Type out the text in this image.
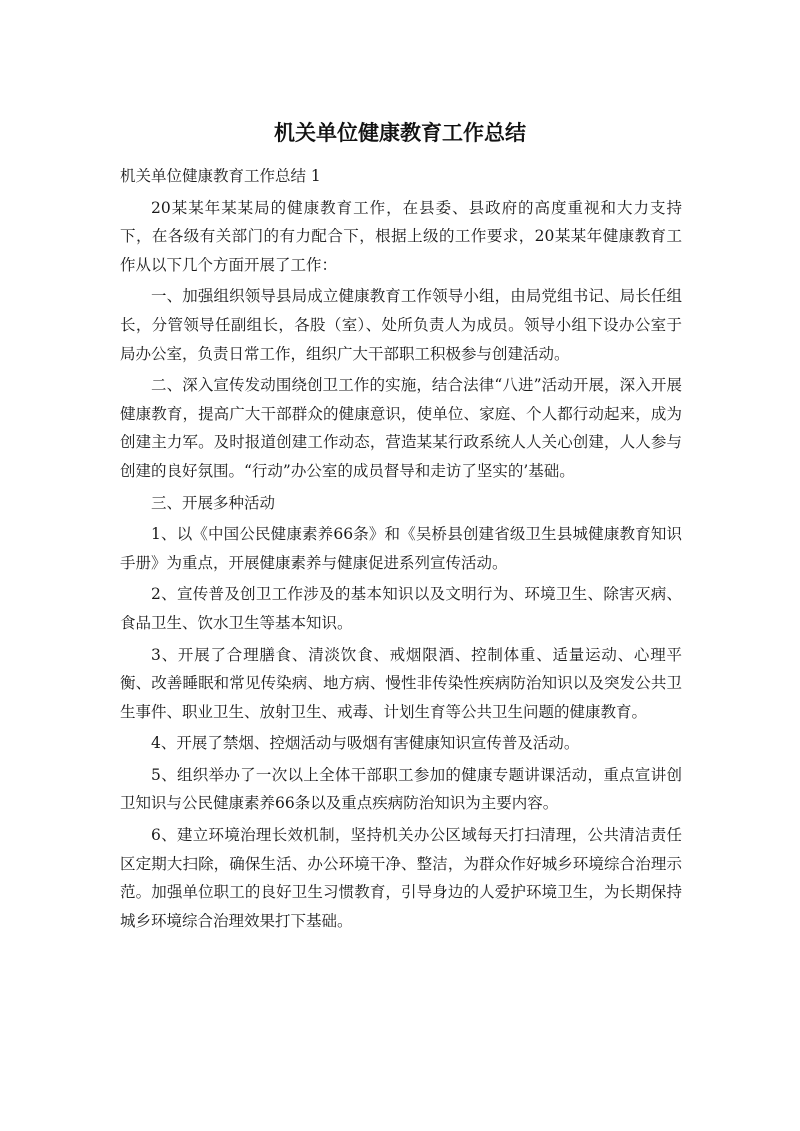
机关单位健康教育工作总结

机关单位健康教育工作总结 1

20某某年某某局的健康教育工作，在县委、县政府的高度重视和大力支持下，在各级有关部门的有力配合下，根据上级的工作要求，20某某年健康教育工作从以下几个方面开展了工作：

一、加强组织领导县局成立健康教育工作领导小组，由局党组书记、局长任组长，分管领导任副组长，各股（室）、处所负责人为成员。领导小组下设办公室于局办公室，负责日常工作，组织广大干部职工积极参与创建活动。

二、深入宣传发动围绕创卫工作的实施，结合法律“八进”活动开展，深入开展健康教育，提高广大干部群众的健康意识，使单位、家庭、个人都行动起来，成为创建主力军。及时报道创建工作动态，营造某某行政系统人人关心创建，人人参与创建的良好氛围。“行动”办公室的成员督导和走访了坚实的’基础。

三、开展多种活动

1、以《中国公民健康素养66条》和《吴桥县创建省级卫生县城健康教育知识手册》为重点，开展健康素养与健康促进系列宣传活动。

2、宣传普及创卫工作涉及的基本知识以及文明行为、环境卫生、除害灭病、食品卫生、饮水卫生等基本知识。

3、开展了合理膳食、清淡饮食、戒烟限酒、控制体重、适量运动、心理平衡、改善睡眠和常见传染病、地方病、慢性非传染性疾病防治知识以及突发公共卫生事件、职业卫生、放射卫生、戒毒、计划生育等公共卫生问题的健康教育。

4、开展了禁烟、控烟活动与吸烟有害健康知识宣传普及活动。

5、组织举办了一次以上全体干部职工参加的健康专题讲课活动，重点宣讲创卫知识与公民健康素养66条以及重点疾病防治知识为主要内容。

6、建立环境治理长效机制，坚持机关办公区域每天打扫清理，公共清洁责任区定期大扫除，确保生活、办公环境干净、整洁，为群众作好城乡环境综合治理示范。加强单位职工的良好卫生习惯教育，引导身边的人爱护环境卫生，为长期保持城乡环境综合治理效果打下基础。
